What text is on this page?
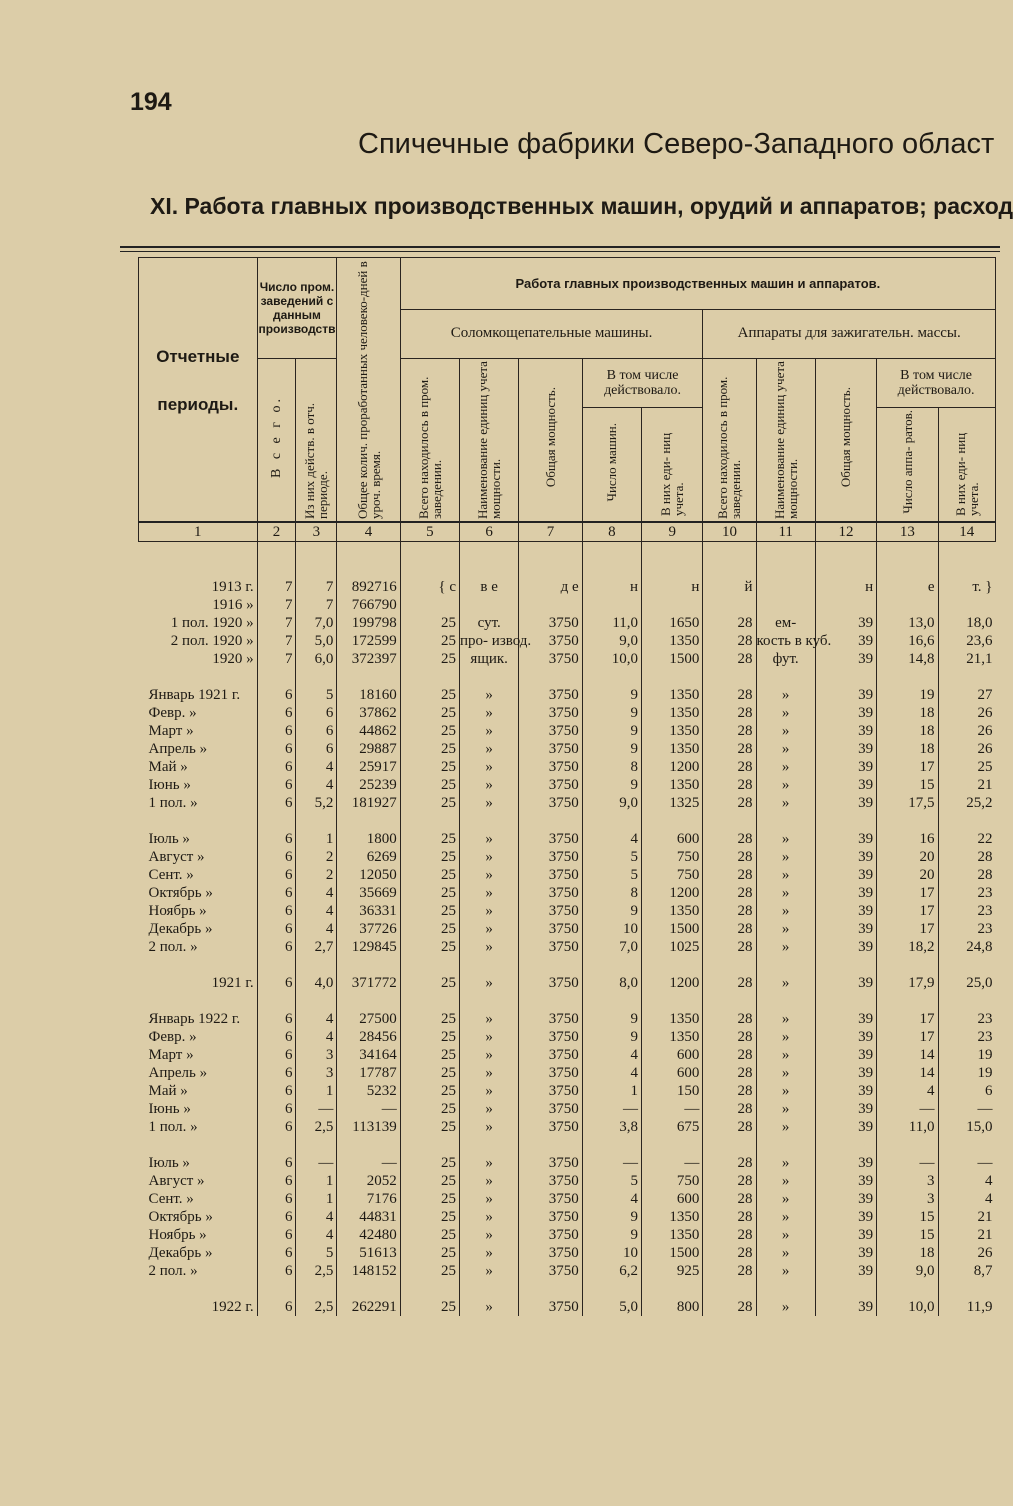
194
Спичечные фабрики Северо-Западного област
XI. Работа главных производственных машин, орудий и аппаратов; расход
Отчетные

периоды.	Число пром. заведений с данным производств		Общее колич. проработанных человеко-дней в уроч. время.	Работа главных производственных машин и аппаратов.									
				Соломкощепательные машины.					Аппараты для зажигательн. массы.				
	В с е г о.	Из них действ. в отч. периоде.		Всего находилось в пром. заведении.	Наименование единиц учета мощности.	Общая мощность.	В том числе действовало.		Всего находилось в пром. заведении.	Наименование единиц учета мощности.	Общая мощность.	В том числе действовало.	
							Число машин.	В них еди- ниц учета.				Число аппа- ратов.	В них еди- ниц учета.
1	2	3	4	5	6	7	8	9	10	11	12	13	14

1913 г.	7	7	892716	{ с	в е	д е	н	н	й		н	е	т. }
1916 »	7	7	766790										
1 пол. 1920 »	7	7,0	199798	25	сут.	3750	11,0	1650	28	ем-	39	13,0	18,0
2 пол. 1920 »	7	5,0	172599	25	про- извод.	3750	9,0	1350	28	кость в куб.	39	16,6	23,6
1920 »	7	6,0	372397	25	ящик.	3750	10,0	1500	28	фут.	39	14,8	21,1

Январь 1921 г.	6	5	18160	25	»	3750	9	1350	28	»	39	19	27
Февр. »	6	6	37862	25	»	3750	9	1350	28	»	39	18	26
Март »	6	6	44862	25	»	3750	9	1350	28	»	39	18	26
Апрель »	6	6	29887	25	»	3750	9	1350	28	»	39	18	26
Май »	6	4	25917	25	»	3750	8	1200	28	»	39	17	25
Iюнь »	6	4	25239	25	»	3750	9	1350	28	»	39	15	21
1 пол. »	6	5,2	181927	25	»	3750	9,0	1325	28	»	39	17,5	25,2

Iюль »	6	1	1800	25	»	3750	4	600	28	»	39	16	22
Август »	6	2	6269	25	»	3750	5	750	28	»	39	20	28
Сент. »	6	2	12050	25	»	3750	5	750	28	»	39	20	28
Октябрь »	6	4	35669	25	»	3750	8	1200	28	»	39	17	23
Ноябрь »	6	4	36331	25	»	3750	9	1350	28	»	39	17	23
Декабрь »	6	4	37726	25	»	3750	10	1500	28	»	39	17	23
2 пол. »	6	2,7	129845	25	»	3750	7,0	1025	28	»	39	18,2	24,8

1921 г.	6	4,0	371772	25	»	3750	8,0	1200	28	»	39	17,9	25,0

Январь 1922 г.	6	4	27500	25	»	3750	9	1350	28	»	39	17	23
Февр. »	6	4	28456	25	»	3750	9	1350	28	»	39	17	23
Март »	6	3	34164	25	»	3750	4	600	28	»	39	14	19
Апрель »	6	3	17787	25	»	3750	4	600	28	»	39	14	19
Май »	6	1	5232	25	»	3750	1	150	28	»	39	4	6
Iюнь »	6	—	—	25	»	3750	—	—	28	»	39	—	—
1 пол. »	6	2,5	113139	25	»	3750	3,8	675	28	»	39	11,0	15,0

Iюль »	6	—	—	25	»	3750	—	—	28	»	39	—	—
Август »	6	1	2052	25	»	3750	5	750	28	»	39	3	4
Сент. »	6	1	7176	25	»	3750	4	600	28	»	39	3	4
Октябрь »	6	4	44831	25	»	3750	9	1350	28	»	39	15	21
Ноябрь »	6	4	42480	25	»	3750	9	1350	28	»	39	15	21
Декабрь »	6	5	51613	25	»	3750	10	1500	28	»	39	18	26
2 пол. »	6	2,5	148152	25	»	3750	6,2	925	28	»	39	9,0	8,7

1922 г.	6	2,5	262291	25	»	3750	5,0	800	28	»	39	10,0	11,9
